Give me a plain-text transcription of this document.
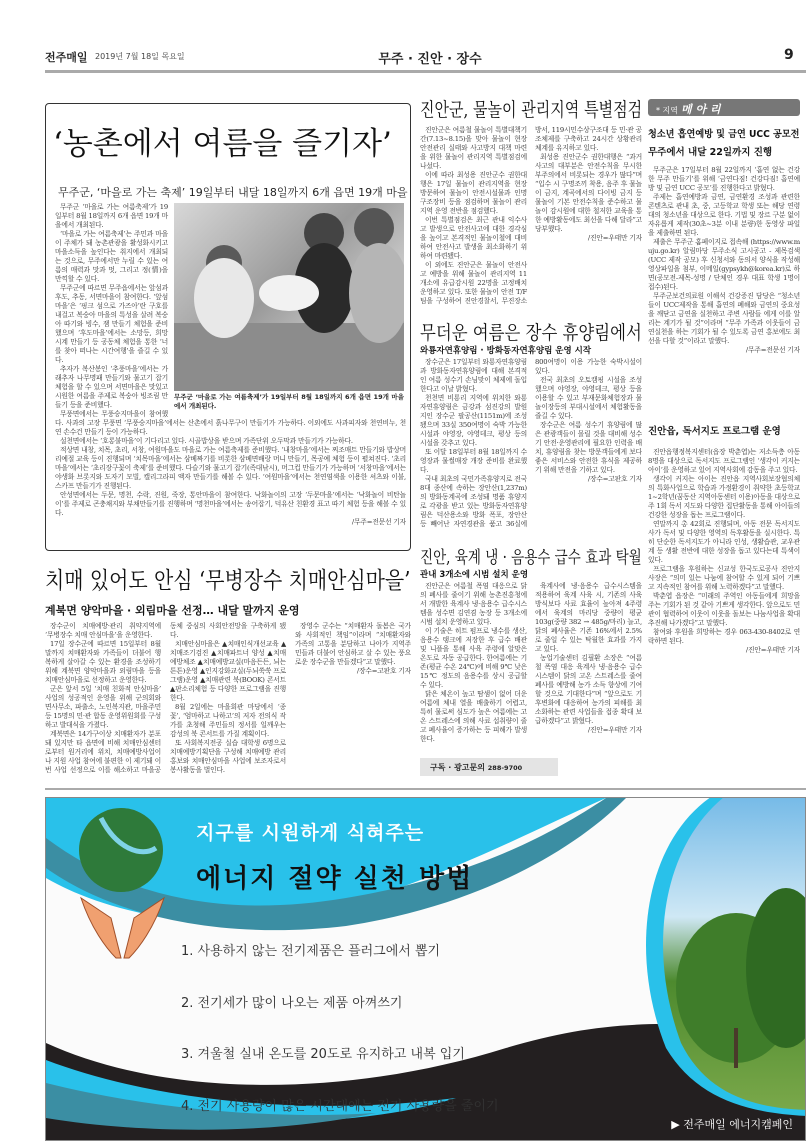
전주매일 2019년 7월 18일 목요일	무주 · 진안 · 장수	9
‘농촌에서 여름을 즐기자’
무주군, ‘마을로 가는 축제’ 19일부터 내달 18일까지 6개 읍면 19개 마을
무주군 ‘마을로 가는 여름축제’가 19일부터 8월 18일까지 6개 읍면 19개 마을에서 개최된다.

무주군 ‘마을로 가는 여름축제’가 19일부터 8월 18일까지 6개 읍면 19개 마을에서 개최된다.

‘마을로 가는 여름축제’는 주민과 마을이 주체가 돼 농촌관광을 활성화시키고 마을소득을 높인다는 취지에서 개최되는 것으로, 무주에서만 누릴 수 있는 여름의 매력과 맛과 멋, 그리고 정(情)을 만끽할 수 있다.

무주군에 따르면 무주읍에서는 앞섬과 후도, 추동, 서면마을이 참여한다. ‘앞섬마을’은 ‘핑크 섬으로 가즈아’란 구호를 내걸고 복숭아 마을의 특성을 살려 복숭아 따기와 빙수, 잼 만들기 체험을 준비했으며 ‘후도마을’에서는 소망등, 희망시계 만들기 등 공동체 체험을 통한 ‘너를 찾아 떠나는 시간여행’을 즐길 수 있다.

추자가 복산봉인 ‘추풍마을’에서는 가래추자 나무명패 만들기와 물고기 잡기 체험을 할 수 있으며 서면마을은 맛있고 시원한 여름을 주제로 복숭아 빙조림 만들기 등을 준비했다.

무풍면에서는 무풍승지마을이 참여했다. 사과의 고장 무풍면 ‘무풍승지마을’에서는 산촌에서 흙나무구이 만들기가 가능하다. 이외에도 사과피자와 천연비누, 천연 손수건 만들기 등이 가능하다.

설천면에서는 ‘호롱불마을’이 기다리고 있다. 시골밥상을 받으며 가족단위 오두막과 만들기가 가능하다.

적상면 내창, 치목, 초리, 서창, 여원마을도 마을로 가는 여름축제를 준비했다. ‘내창마을’에서는 찌조매트 만들기와 밥상머리예절 교육 등이 진행되며 ‘치목마을’에서는 삼베짜기를 비롯한 삼베면배랑 머니 만들기, 목공예 체험 등이 펼쳐진다. ‘초리마을’에서는 ‘초리장구꽃이 축제’를 준비했다. 다슬기와 물고기 잡기(족대낚시), 머그컵 만들기가 가능하며 ‘서창마을’에서는 야생화 브롯지와 도자기 모빌, 캘리그라피 액자 만들기를 해볼 수 있다. ‘여원마을’에서는 천연염색을 이용한 셔츠와 이불, 스카프 만들기가 진행된다.

안성면에서는 두문, 명천, 수락, 진원, 죽장, 통안마을이 참여한다. 낙화놀이의 고장 ‘두문마을’에서는 ‘낙화놀이 비탄놀이’를 주제로 곤충채지와 부채만들기를 진행하며 ‘명천마을’에서는 송어잡기, 덕유산 친환경 표고 따기 체험 등을 해볼 수 있다.

/무주=전문선 기자

치매 있어도 안심 ‘무병장수 치매안심마을’
계북면 양악마을 · 외림마을 선정… 내달 말까지 운영

장수군이 치매예방·관리 취약지역에 ‘무병장수 치매 안심마을’을 운영한다.

17일 장수군에 따르면 15일부터 8월 말까지 치매환자와 가족들이 더불어 행복하게 살아갈 수 있는 환경을 조성하기 위해 계북면 양악마을과 외림마을 등을 치매안심마을로 선정하고 운영한다.

군은 앞서 5일 ‘치매 친화적 안심마을’ 사업의 성공적인 운영을 위해 군의회와 면사무소, 파출소, 노인복지관, 마을주민 등 15명의 민·관 합동 운영위원회를 구성하고 발대식을 가졌다.

계북면은 14가구이상 치매환자가 분포돼 있지만 타 읍면에 비해 치매안심센터로부터 원거리에 위치, 치매예방사업이나 지원 사업 참여에 불편한 이 제기돼 이번 사업 선정으로 이를 해소하고 마을공동체 중심의 사회안전망을 구축하게 됐다.

치매안심마을은 ▲치매인식개선교육 ▲치매조기검진 ▲치매파트너 양성 ▲치매예방체조 ▲치매예방교실(마음든든, 뇌는 튼튼)운영 ▲인지강화교실(두뇌쑥쑥 프로그램)운영 ▲치매관련 북(BOOK) 콘서트 ▲판소리체험 등 다양한 프로그램을 진행한다.

8월 2일에는 마을회관 마당에서 ‘종꽃’, ‘엄마하고 나하고’의 저자 전의식 작가를 초청해 주민들의 정서를 일깨우는 감성의 북 콘서트를 가질 계획이다.

또 사회복지전공 실습 대학생 6명으로 치매예방기획단을 구성해 치매예방 관리 홍보와 치매안심마을 사업에 보조자로서 봉사활동을 벌인다.

장영수 군수는 “치매환자 돌봄은 국가와 사회적인 책임”이라며 “치매환자와 가족의 고통을 분담하고 나아가 지역주민들과 더불어 안심하고 살 수 있는 풍요로운 장수군을 만들겠다”고 말했다.

/장수=고판호 기자

진안군, 물놀이 관리지역 특별점검

진안군은 여름철 물놀이 특별대책기간(7.13~8.15)을 맞아 물놀이 현장 안전관리 실태와 사고방지 대책 마련을 위한 물놀이 관리지역 특별점검에 나섰다.

이에 따라 최성용 진안군수 권한대행은 17일 물놀이 관리지역을 현장 방문하여 물놀이 안전시설물과 인명구조장비 등을 점검하며 물놀이 관리지역 운영 전반을 점검했다.

이번 특별점검은 최근 관내 익수사고 발생으로 안전사고에 대한 경각심을 높이고 본격적인 물놀이철에 대비하여 안전사고 발생을 최소화하기 위하여 마련됐다.

이 외에도 진안군은 물놀이 안전사고 예방을 위해 물놀이 관리지역 11개소에 유급감시원 22명을 고정배치 운영하고 있다. 또한 물놀이 안전 T/F팀을 구성하여 진안경찰서, 무진장소방서, 119시민수상구조대 등 민·관 공조체제를 구축하고 24시간 상황관리 체계를 유지하고 있다.

최성용 진안군수 권한대행은 “과거 사고의 대부분은 안전수칙을 무시한 부주의에서 비롯되는 경우가 많다”며 “입수 시 구명조끼 착용, 음주 후 물놀이 금지, 계곡에서의 다이빙 금지 등 물놀이 기본 안전수칙을 준수하고 물놀이 감시원에 대한 철저한 교육을 통한 예방활동에도 최선을 다해 달라”고 당부했다.

/진안=우태만 기자

무더운 여름은 장수 휴양림에서
와룡자연휴양림 · 방화동자연휴양림 운영 시작

장수군은 17일부터 와룡자연휴양림과 방화동자연휴양림에 대해 본격적인 여름 성수기 손님맞이 체제에 돌입한다고 이날 밝혔다.

천천면 비룡리 지역에 위치한 와룡자연휴양림은 금강과 섬진강의 발원지인 장수군 팔공산(1151m)에 조성됐으며 33실 350여명이 숙박 가능한 시설과 야영장, 야영데크, 평상 등의 시설을 갖추고 있다.

또 이달 18일부터 8월 18일까지 수영장과 물썰매장 개장 준비를 완료했다.

국내 최초의 국민가족휴양지로 전국 8대 종산에 속하는 장안산(1,237m)의 방화동계곡에 조성돼 명품 휴양지로 각광을 받고 있는 방화동자연휴양림은 덕산용소와 방화 폭포, 장안산 등 빼어난 자연경관을 품고 36실에 800여명이 이용 가능한 숙박시설이 있다.

전국 최초의 오토캠핑 시설을 조성했으며 야영장, 야영데크, 평상 등을 이용할 수 있고 부재문화체험장과 물놀이장등의 부대시설에서 체험활동을 즐길 수 있다.

장수군은 여름 성수기 휴양림에 많은 관광객들이 몰릴 것을 대비해 성수기 안전·운영관리에 필요한 인력을 배치, 휴양림을 찾는 방문객들에게 보다 좋은 서비스와 안전한 휴식을 제공하기 위해 만전을 기하고 있다.

/장수=고판호 기자

진안, 육계 냉 · 음용수 급수 효과 탁월
관내 3개소에 시범 설치 운영

진안군은 여름철 폭염 대응으로 닭의 폐사를 줄이기 위해 농촌진흥청에서 개발한 육계사 냉·음용수 급수시스템을 성수면 김연겸 농장 등 3개소에 시범 설치 운영하고 있다.

이 기술은 히트 펌프로 냉수를 생산, 음용수 탱크에 저장한 후 급수 배관 및 니플을 통해 사육 주령에 알맞은 온도로 자동 공급한다. 한여름에는 기존(평균 수온 24℃)에 비해 9℃ 낮은 15℃ 정도의 음용수를 상시 공급할 수 있다.

닭은 체온이 높고 땀샘이 없어 더운 여름에 체내 열을 배출하기 어렵고, 특히 물로써 심도가 높은 여름에는 고온 스트레스에 의해 사료 섭취량이 줄고 폐사율이 증가하는 등 피해가 발생한다.

육계사에 냉·음용수 급수시스템을 적용하여 육계 사육 시, 기존의 사육방식보다 사료 효율이 높아져 4주령에서 육계의 마리당 중량이 평균 103g(중량 382 → 485g/마리) 늘고, 닭의 폐사율은 기존 16%에서 2.5%로 줄일 수 있는 탁월한 효과를 가지고 있다.

농업기술센터 김필환 소장은 “여름철 폭염 대응 육계사 냉·음용수 급수시스템이 닭의 고온 스트레스를 줄여 폐사를 예방해 농가 소득 향상에 기여할 것으로 기대한다”며 “앞으로도 기후변화에 대응하여 농가의 피해를 최소화하는 관련 사업들을 접종 확대 보급하겠다”고 밝혔다.

/진안=우태만 기자

구독 · 광고문의 288-9700
* 지역 메 아 리
청소년 흡연예방 및 금연 UCC 공모전
무주에서 내달 22일까지 진행

무주군은 17일부터 8월 22일까지 ‘흡연 없는 건강한 무주 만들기’를 위해 ‘금연다짐! 건강다짐! 흡연예방 및 금연 UCC 공모’를 진행한다고 밝혔다.

주제는 흡연예방과 금연, 금연환경 조성과 관련한 콘텐츠로 관내 초, 중, 고등학교 학생 또는 해당 연령대의 청소년을 대상으로 한다. 기법 및 장르 구분 없이 자유롭게 제작(30초~3분 이내 분량)한 동영상 파일을 제출하면 된다.

제출은 무주군 홈페이지로 접속해 (https://www.muju.go.kr) 알림마당 무주소식 고시공고 - 제목검색(UCC 제작 공모) 후 신청서와 동의서 양식을 작성해 영상파일을 첨부, 이메일(gypsykh@korea.kr)로 하면(공모전-제목-성명 / 단체인 경우 대표 학생 1명이 접수)된다.

무주군보건의료원 이해석 건강증진 담당은 “청소년들이 UCC제작을 통해 흡연의 폐해와 금연의 중요성을 깨닫고 금연을 실천하고 주변 사람들 에게 이를 알리는 계기가 될 것”이라며 “무주 가족과 이웃들이 금연실천을 하는 기회가 될 수 있도록 금연 홍보에도 최선을 다할 것”이라고 말했다.

/무주=전문선 기자

진안읍, 독서지도 프로그램 운영

진안읍행정복지센터(읍장 박춘엽)는 저소득층 아동 8명을 대상으로 독서지도 프로그램인 ‘생각이 커지는 아이’를 운영하고 있어 지역사회에 감동을 주고 있다.

생각이 커지는 아이는 진안읍 지역사회보장협의체의 특화사업으로 학습과 가정환경이 취약한 초등학교 1~2학년(꿈동산 지역아동센터 이용)아동을 대상으로 주 1회 독서 지도와 다양한 집단활동을 통해 아이들의 건강한 성장을 돕는 프로그램이다.

연말까지 총 42회로 진행되며, 아동 전문 독서지도사가 독서 및 다양한 영역의 독후활동을 실시한다. 특히 단순한 독서지도가 아니라 인성, 생활습관, 교우관계 등 생활 전반에 대한 성장을 돕고 있다는데 특색이 있다.

프로그램을 후원하는 신교성 한국도로공사 진안지사장은 “의미 있는 나눔에 참여할 수 있게 되어 기쁘고 지속적인 참여를 위해 노력하겠다”고 말했다.

박춘엽 읍장은 “미래의 주역인 아동들에게 희망을 주는 기회가 된 것 같아 기쁘게 생각한다. 앞으로도 민관이 협력하여 이웃이 이웃을 돌보는 나눔사업을 확대 추진해 나가겠다”고 말했다.

참여와 후원을 희망하는 경우 063-430-8402로 연락하면 된다.

/진안=우태만 기자

지구를 시원하게 식혀주는
에너지 절약 실천 방법
1. 사용하지 않는 전기제품은 플러그에서 뽑기
2. 전기세가 많이 나오는 제품 아껴쓰기
3. 겨울철 실내 온도를 20도로 유지하고 내복 입기
4. 전기 사용량이 많은 시간대에는 전기 사용량을 줄이기
▶ 전주매일 에너지캠페인
